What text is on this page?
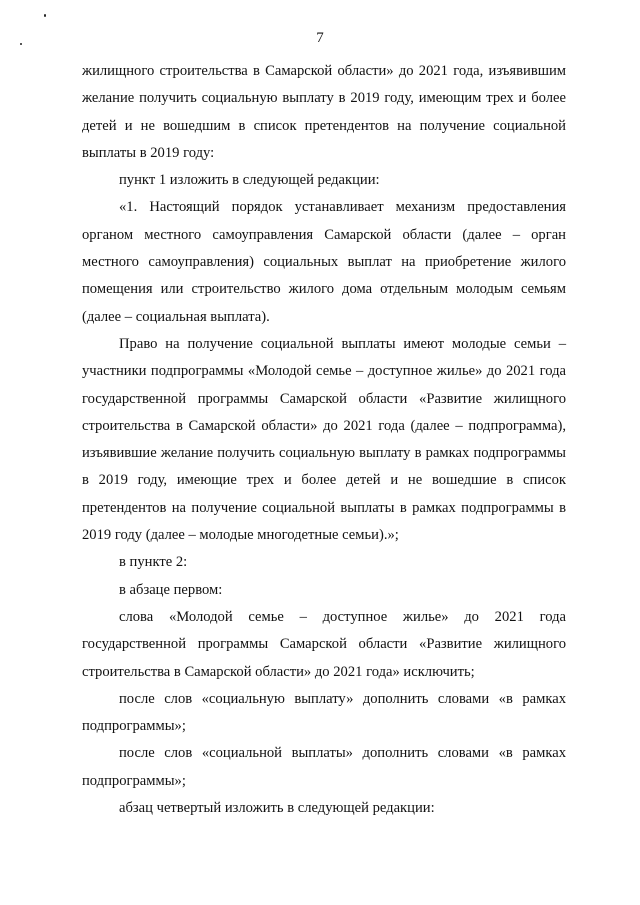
7

жилищного строительства в Самарской области» до 2021 года, изъявившим желание получить социальную выплату в 2019 году, имеющим трех и более детей и не вошедшим в список претендентов на получение социальной выплаты в 2019 году:

пункт 1 изложить в следующей редакции:

«1. Настоящий порядок устанавливает механизм предоставления органом местного самоуправления Самарской области (далее – орган местного самоуправления) социальных выплат на приобретение жилого помещения или строительство жилого дома отдельным молодым семьям (далее – социальная выплата).

Право на получение социальной выплаты имеют молодые семьи – участники подпрограммы «Молодой семье – доступное жилье» до 2021 года государственной программы Самарской области «Развитие жилищного строительства в Самарской области» до 2021 года (далее – подпрограмма), изъявившие желание получить социальную выплату в рамках подпрограммы в 2019 году, имеющие трех и более детей и не вошедшие в список претендентов на получение социальной выплаты в рамках подпрограммы в 2019 году (далее – молодые многодетные семьи).»;

в пункте 2:

в абзаце первом:

слова «Молодой семье – доступное жилье» до 2021 года государственной программы Самарской области «Развитие жилищного строительства в Самарской области» до 2021 года» исключить;

после слов «социальную выплату» дополнить словами «в рамках подпрограммы»;

после слов «социальной выплаты» дополнить словами «в рамках подпрограммы»;

абзац четвертый изложить в следующей редакции:
